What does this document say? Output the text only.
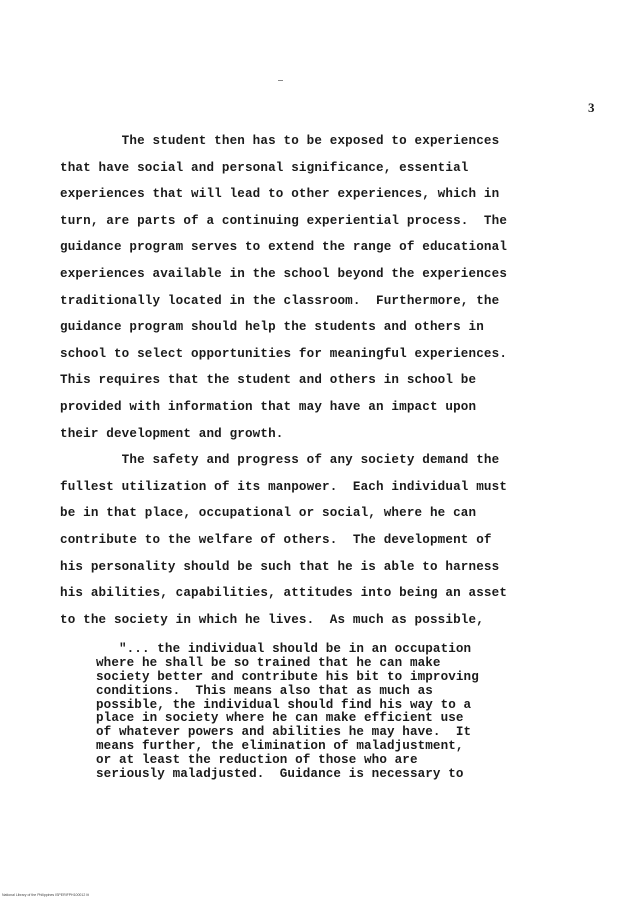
3
The student then has to be exposed to experiences
that have social and personal significance, essential
experiences that will lead to other experiences, which in
turn, are parts of a continuing experiential process.  The
guidance program serves to extend the range of educational
experiences available in the school beyond the experiences
traditionally located in the classroom.  Furthermore, the
guidance program should help the students and others in
school to select opportunities for meaningful experiences.
This requires that the student and others in school be
provided with information that may have an impact upon
their development and growth.
The safety and progress of any society demand the
fullest utilization of its manpower.  Each individual must
be in that place, occupational or social, where he can
contribute to the welfare of others.  The development of
his personality should be such that he is able to harness
his abilities, capabilities, attitudes into being an asset
to the society in which he lives.  As much as possible,
"... the individual should be in an occupation
where he shall be so trained that he can make
society better and contribute his bit to improving
conditions.  This means also that as much as
possible, the individual should find his way to a
place in society where he can make efficient use
of whatever powers and abilities he may have.  It
means further, the elimination of maladjustment,
or at least the reduction of those who are
seriously maladjusted.  Guidance is necessary to
National Library of the Philippines ISPERIFPH100012 lit
